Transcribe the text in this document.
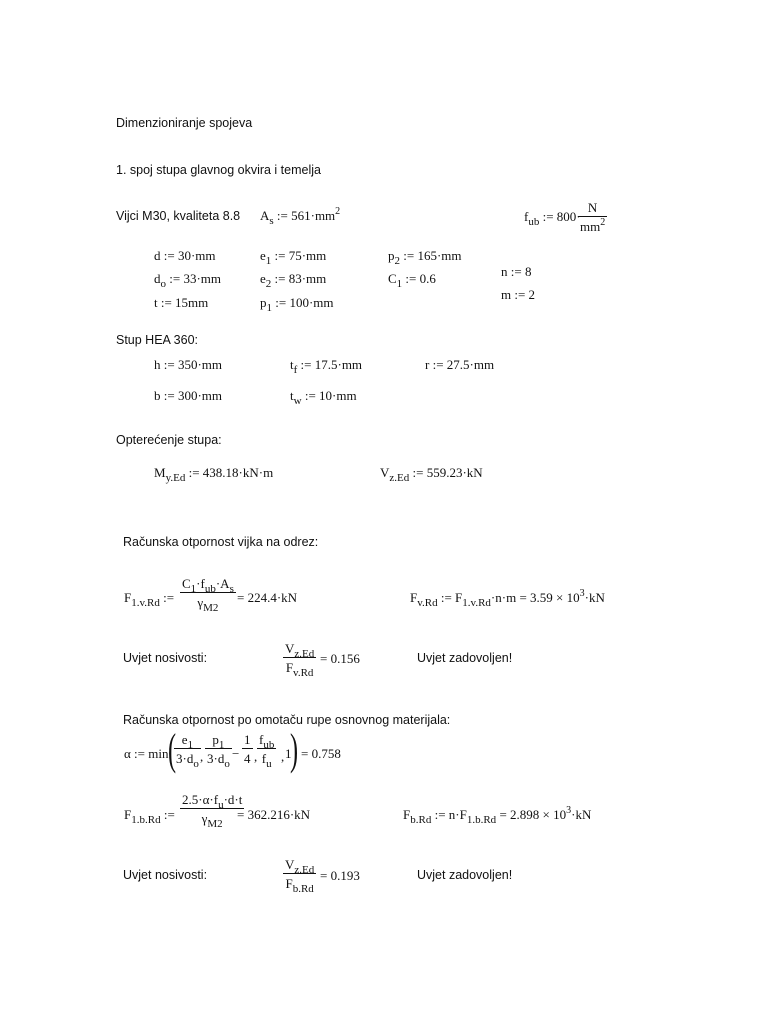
Dimenzioniranje spojeva
1. spoj stupa glavnog okvira i temelja
Vijci M30, kvaliteta 8.8 $A_s$ := $561\cdot mm^2$	$f_{ub}$ := 800·
N
$mm^2$
d := 30·mm
$d_o$ := 33·mm
t := 15mm
$e_1$ := 75·mm
$e_2$ := 83·mm
$p_1$ := 100·mm
$p_2$ := 165·mm
$C_1$ := 0.6	n := 8
m := 2
Stup HEA 360:
h := 350·mm
b := 300·mm
$t_f$ := 17.5·mm
$t_w$ := 10·mm
r := 27.5·mm
Opterećenje stupa:
$M_{y.Ed}$ := 438.18·kN·m	$V_{z.Ed}$ := 559.23·kN
Računska otpornost vijka na odrez:
$F_{1.v.Rd}$ :=
$C_1\cdot f_{ub}\cdot A_s$
$\gamma_{M2}$
= 224.4·kN	$F_{v.Rd}$ := $F_{1.v.Rd}\cdot n\cdot m = 3.59 \times 10^3\cdot kN$
Uvjet nosivosti:
$V_{z.Ed}$
$F_{v.Rd}$
= 0.156	Uvjet zadovoljen!
Računska otpornost po omotaču rupe osnovnog materijala:
α := min ( $e_1$
$3\cdot d_o$ ,
$p_1$
$3\cdot d_o$
−
1
4 ,
$f_{ub}$
$f_u$ , 1
) = 0.758
$F_{1.b.Rd}$ :=
$2.5\cdot\alpha\cdot f_u\cdot d\cdot t$
$\gamma_{M2}$
= 362.216·kN	$F_{b.Rd}$ := $n\cdot F_{1.b.Rd} = 2.898 \times 10^3\cdot kN$
Uvjet nosivosti:
$V_{z.Ed}$
$F_{b.Rd}$
= 0.193	Uvjet zadovoljen!
